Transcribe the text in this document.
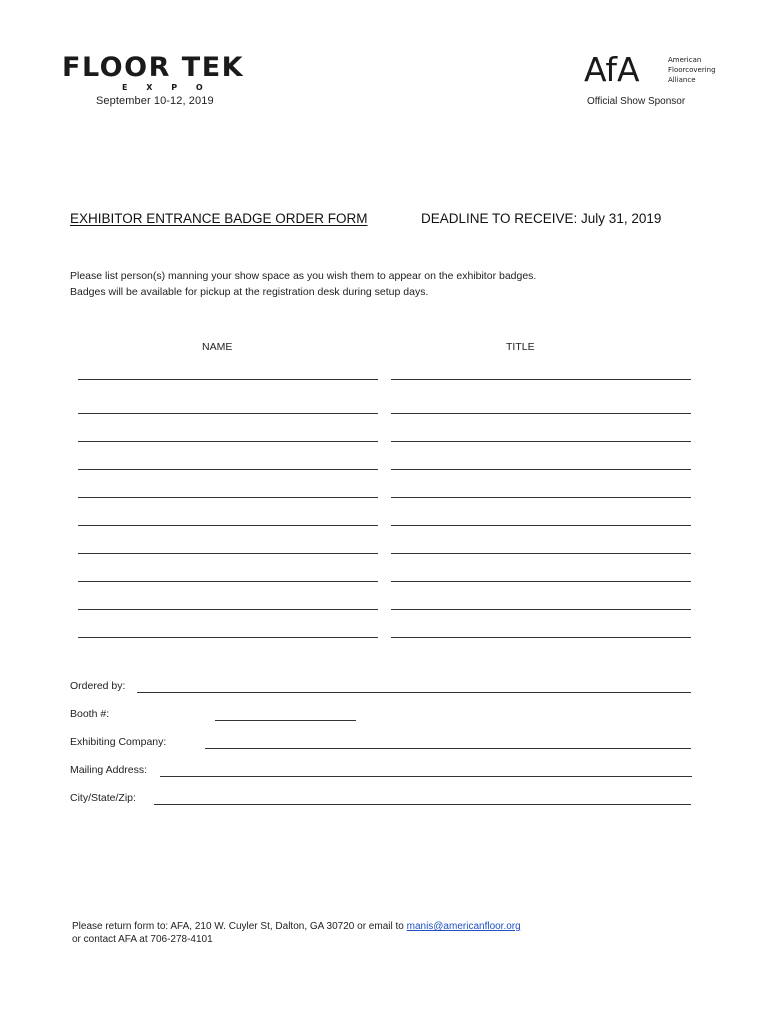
FLOOR TEK
E X P O
September 10-12, 2019
AfA	American
Floorcovering
Alliance
Official Show Sponsor
EXHIBITOR ENTRANCE BADGE ORDER FORM	DEADLINE TO RECEIVE: July 31, 2019
Please list person(s) manning your show space as you wish them to appear on the exhibitor badges.
Badges will be available for pickup at the registration desk during setup days.
NAME	TITLE
Ordered by:
Booth #:
Exhibiting Company:
Mailing Address:
City/State/Zip:
Please return form to: AFA, 210 W. Cuyler St, Dalton, GA 30720 or email to manis@americanfloor.org
or contact AFA at 706-278-4101
